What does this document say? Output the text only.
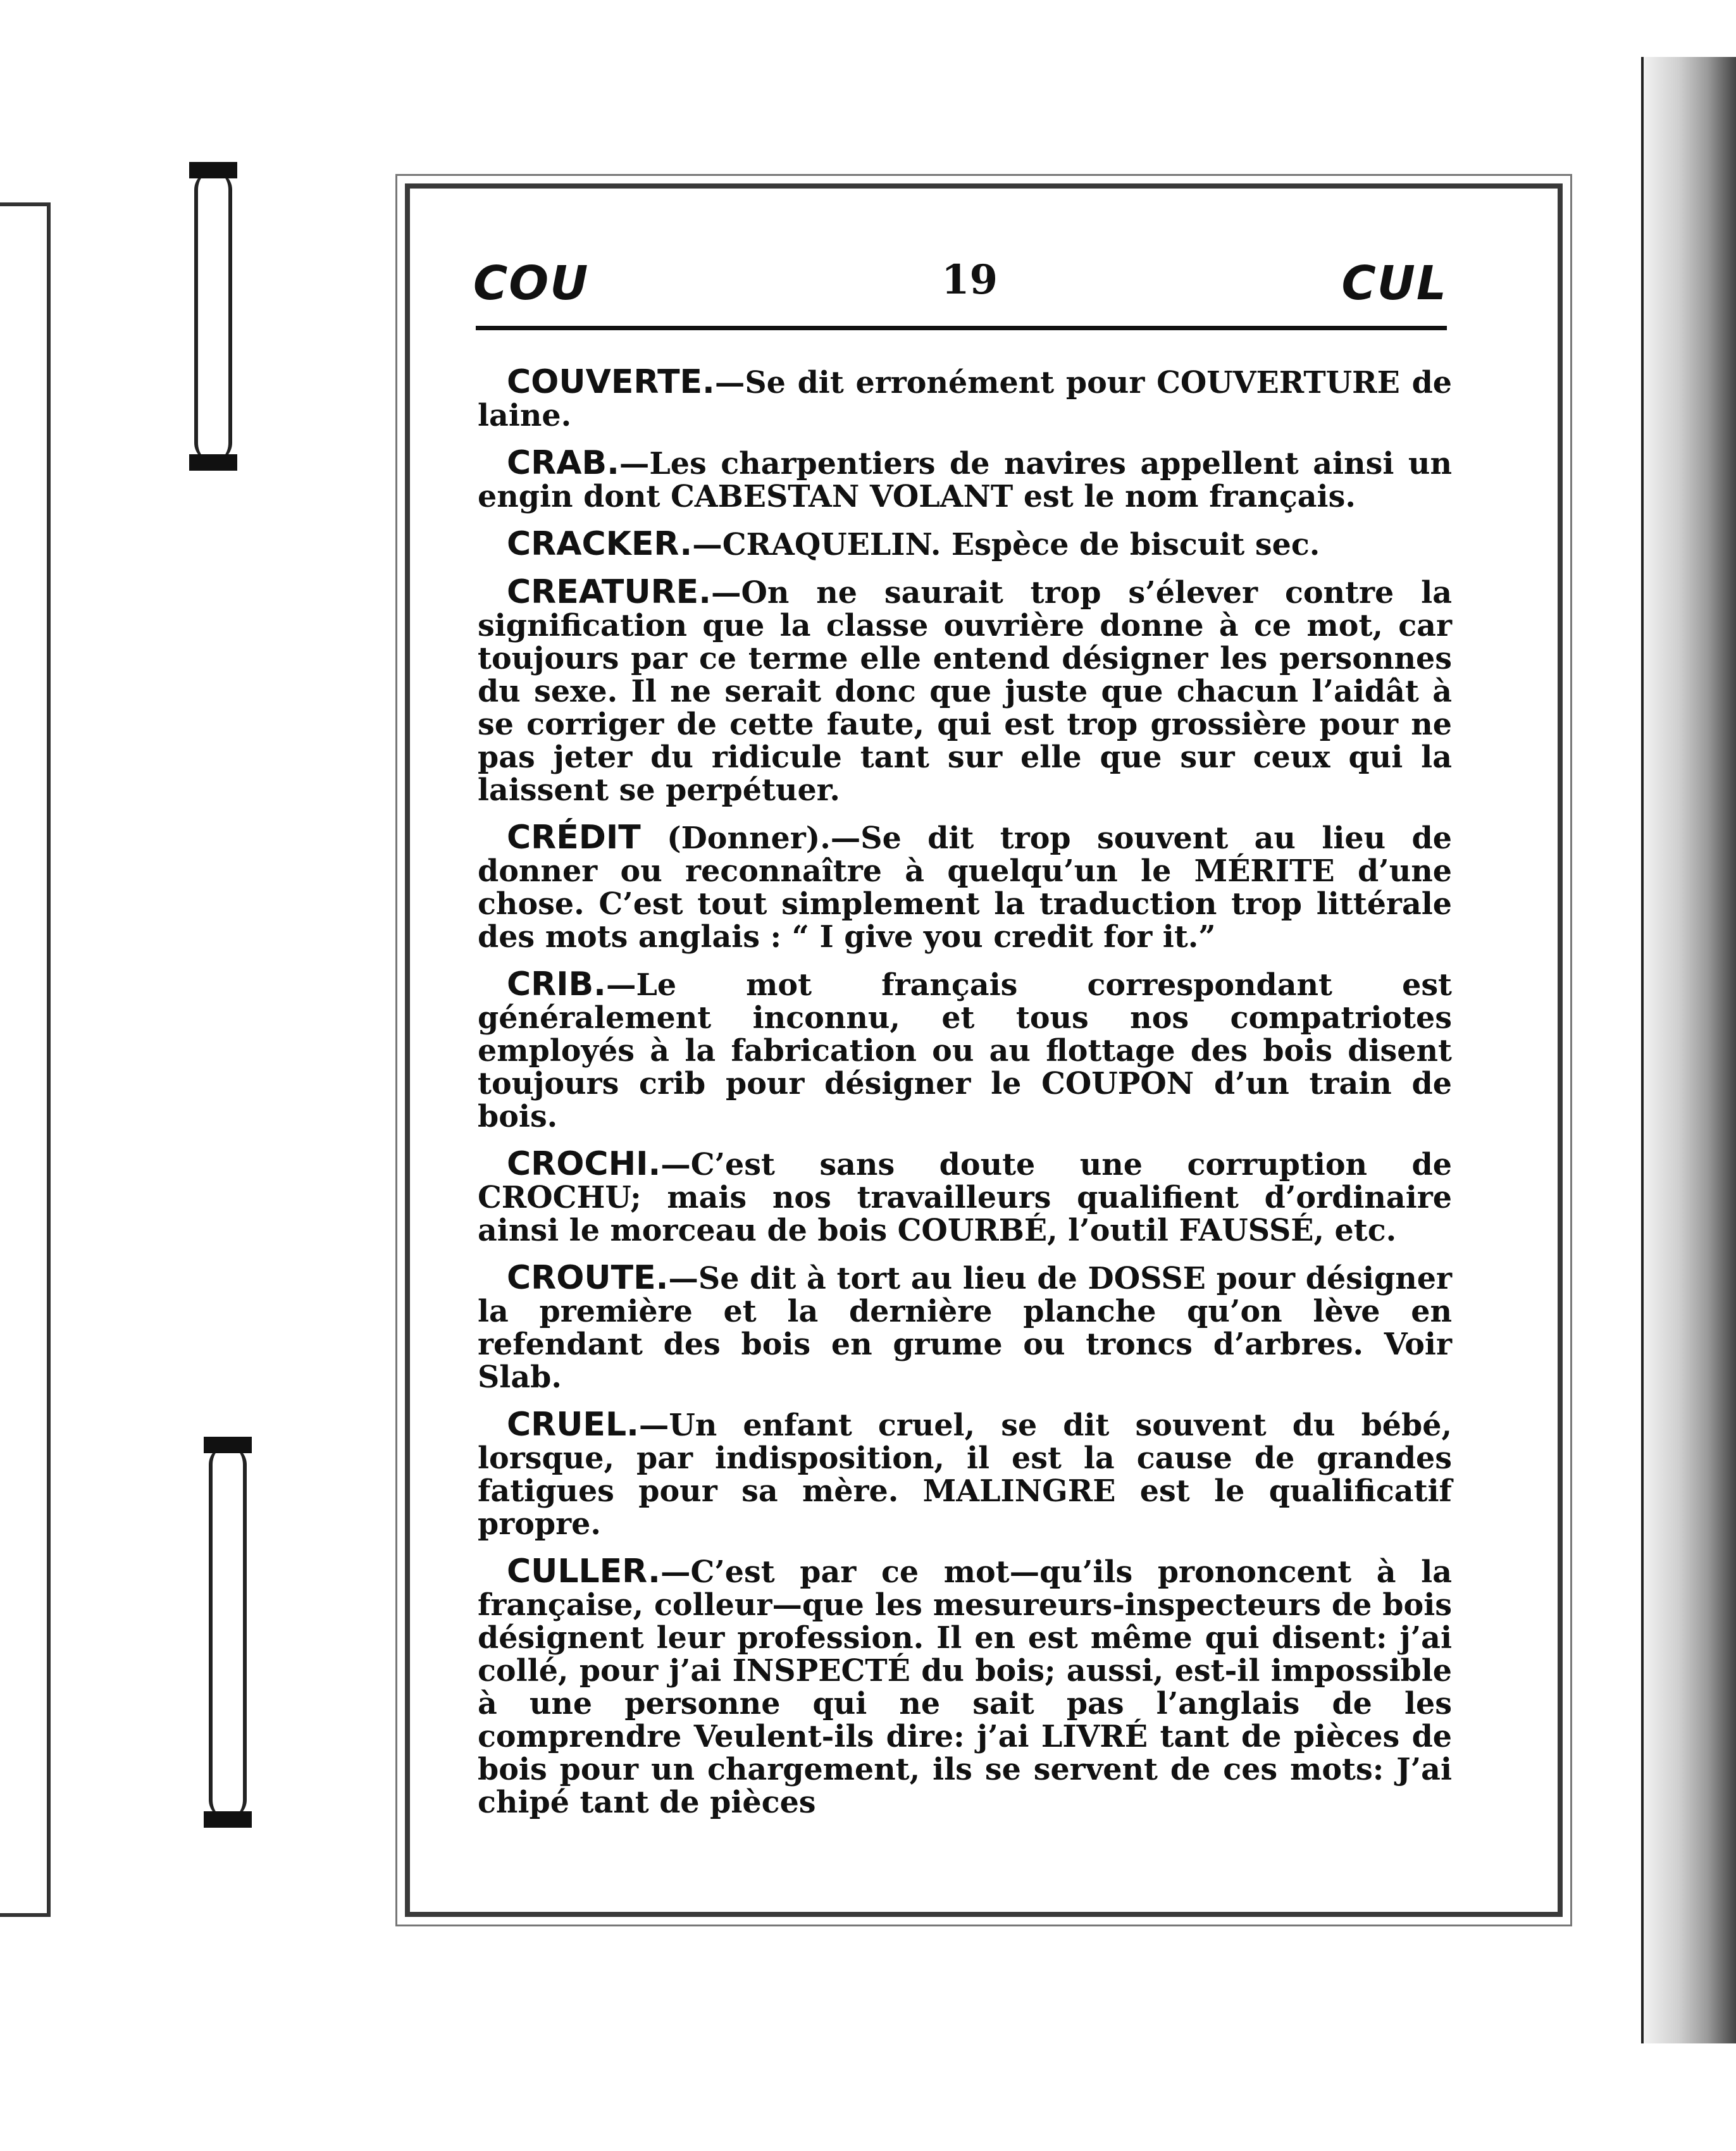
COU	19	CUL

COUVERTE.—Se dit erronément pour COUVERTURE de laine.

CRAB.—Les charpentiers de navires appellent ainsi un engin dont CABESTAN VOLANT est le nom français.

CRACKER.—CRAQUELIN. Espèce de biscuit sec.

CREATURE.—On ne saurait trop s’élever contre la signification que la classe ouvrière donne à ce mot, car toujours par ce terme elle entend désigner les personnes du sexe. Il ne serait donc que juste que chacun l’aidât à se corriger de cette faute, qui est trop grossière pour ne pas jeter du ridicule tant sur elle que sur ceux qui la laissent se perpétuer.

CRÉDIT (Donner).—Se dit trop souvent au lieu de donner ou reconnaître à quelqu’un le MÉRITE d’une chose. C’est tout simplement la traduction trop littérale des mots anglais : “ I give you credit for it.”

CRIB.—Le mot français correspondant est généralement inconnu, et tous nos compatriotes employés à la fabrication ou au flottage des bois disent toujours crib pour désigner le COUPON d’un train de bois.

CROCHI.—C’est sans doute une corruption de CROCHU; mais nos travailleurs qualifient d’ordinaire ainsi le morceau de bois COURBÉ, l’outil FAUSSÉ, etc.

CROUTE.—Se dit à tort au lieu de DOSSE pour désigner la première et la dernière planche qu’on lève en refendant des bois en grume ou troncs d’arbres. Voir Slab.

CRUEL.—Un enfant cruel, se dit souvent du bébé, lorsque, par indisposition, il est la cause de grandes fatigues pour sa mère. MALINGRE est le qualificatif propre.

CULLER.—C’est par ce mot—qu’ils prononcent à la française, colleur—que les mesureurs-inspecteurs de bois désignent leur profession. Il en est même qui disent: j’ai collé, pour j’ai INSPECTÉ du bois; aussi, est-il impossible à une personne qui ne sait pas l’anglais de les comprendre Veulent-ils dire: j’ai LIVRÉ tant de pièces de bois pour un chargement, ils se servent de ces mots: J’ai chipé tant de pièces
